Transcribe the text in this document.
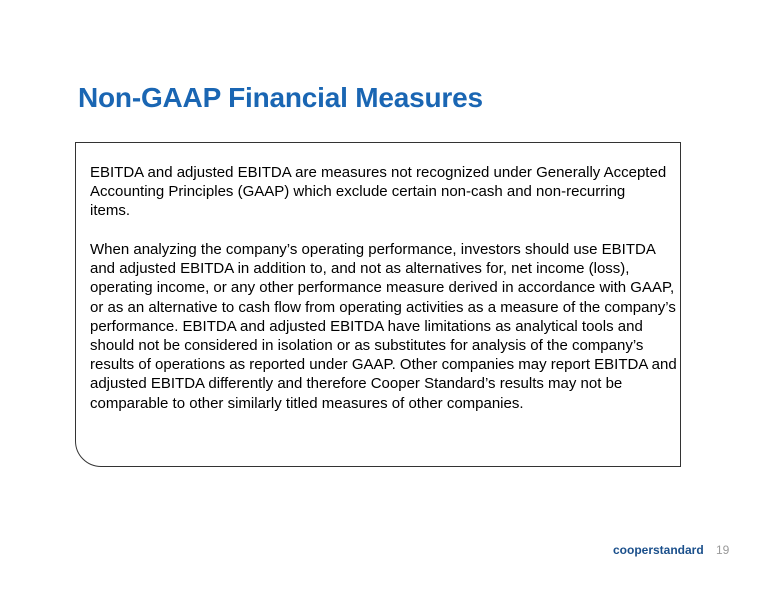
Non-GAAP Financial Measures

EBITDA and adjusted EBITDA are measures not recognized under Generally Accepted Accounting Principles (GAAP) which exclude certain non-cash and non-recurring items.

When analyzing the company’s operating performance, investors should use EBITDA and adjusted EBITDA in addition to, and not as alternatives for, net income (loss), operating income, or any other performance measure derived in accordance with GAAP, or as an alternative to cash flow from operating activities as a measure of the company’s performance. EBITDA and adjusted EBITDA have limitations as analytical tools and should not be considered in isolation or as substitutes for analysis of the company’s results of operations as reported under GAAP. Other companies may report EBITDA and adjusted EBITDA differently and therefore Cooper Standard’s results may not be comparable to other similarly titled measures of other companies.

cooperstandard 19
